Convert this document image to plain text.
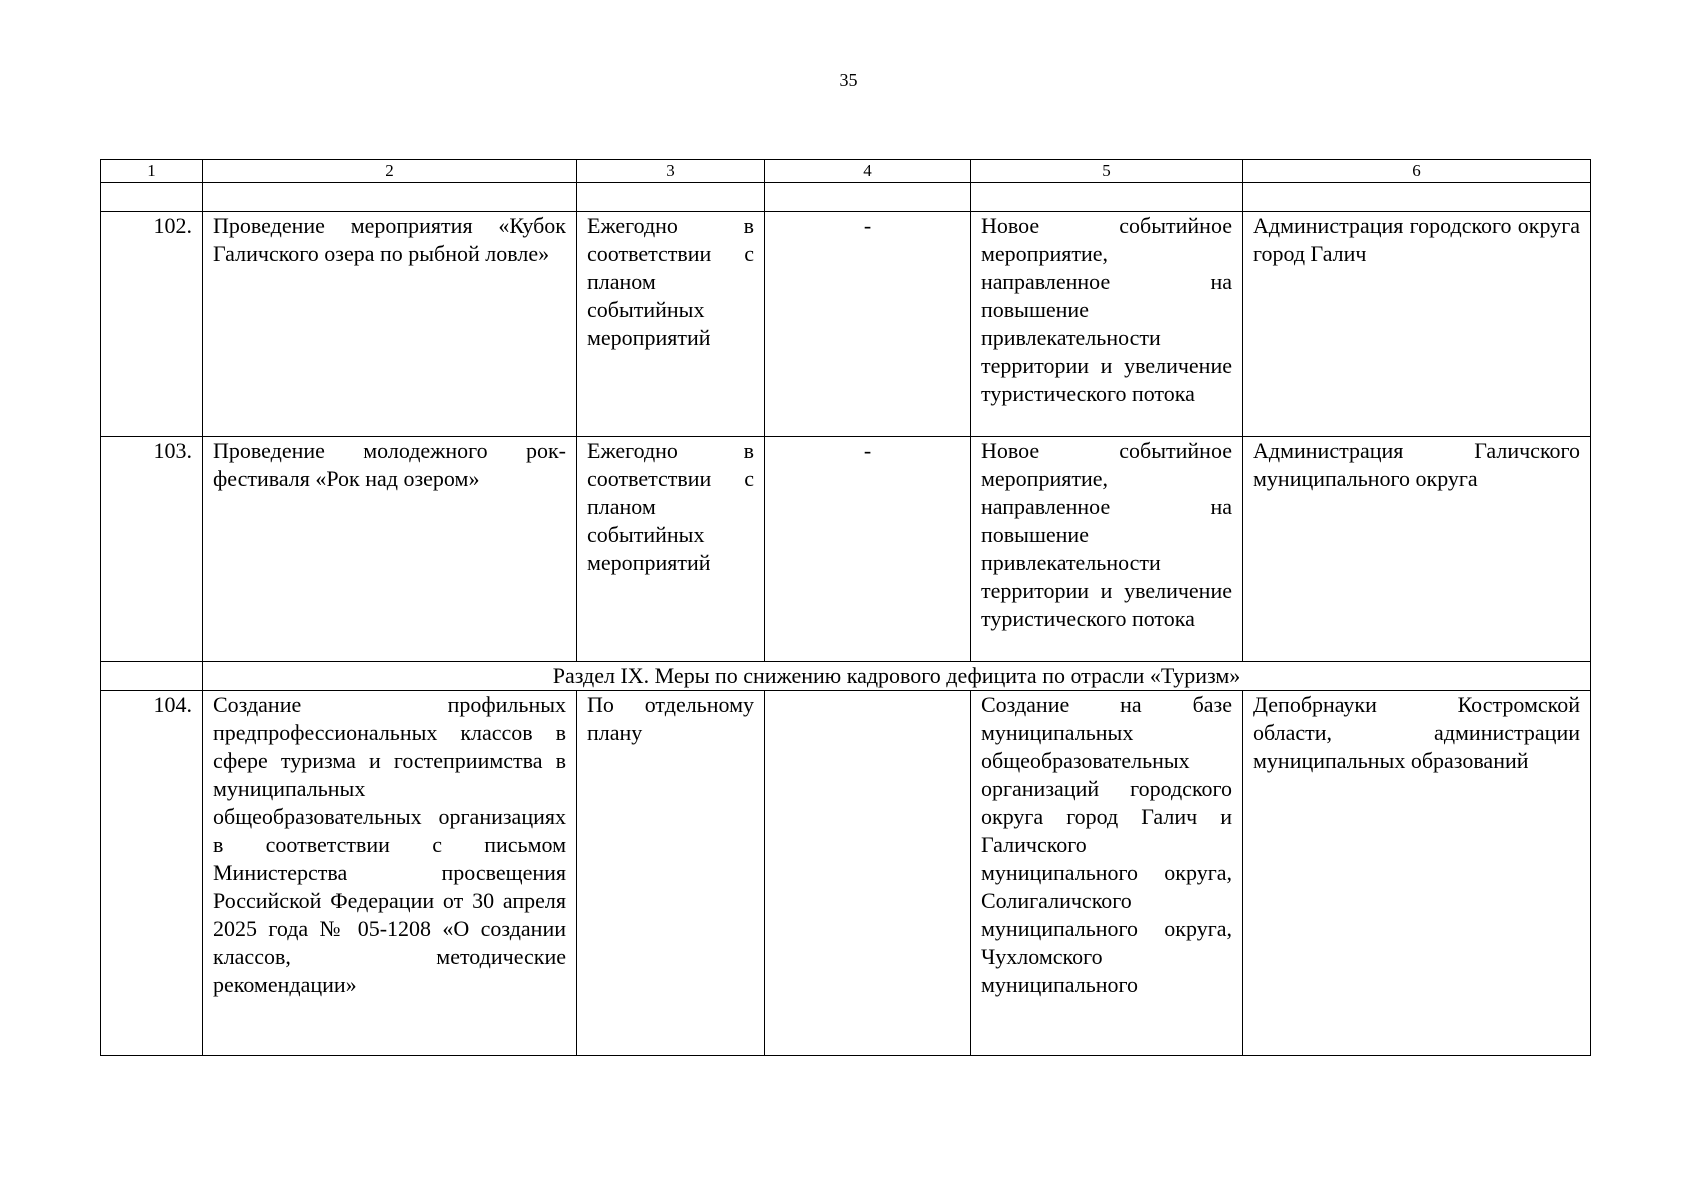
35
1	2	3	4	5	6

102.	Проведение мероприятия «Кубок Галичского озера по рыбной ловле»	Ежегодно в соответствии с планом событийных мероприятий	-	Новое событийное мероприятие, направленное на повышение привлекательности территории и увеличение туристического потока	Администрация городского округа город Галич
103.	Проведение молодежного рок-фестиваля «Рок над озером»	Ежегодно в соответствии с планом событийных мероприятий	-	Новое событийное мероприятие, направленное на повышение привлекательности территории и увеличение туристического потока	Администрация Галичского муниципального округа
	Раздел IX. Меры по снижению кадрового дефицита по отрасли «Туризм»				
104.	Создание профильных предпрофессиональных классов в сфере туризма и гостеприимства в муниципальных общеобразовательных организациях в соответствии с письмом Министерства просвещения Российской Федерации от 30 апреля 2025 года № 05-1208 «О создании классов, методические рекомендации»	По отдельному плану		Создание на базе муниципальных общеобразовательных организаций городского округа город Галич и Галичского муниципального округа, Солигаличского муниципального округа, Чухломского муниципального	Депобрнауки Костромской области, администрации муниципальных образований
